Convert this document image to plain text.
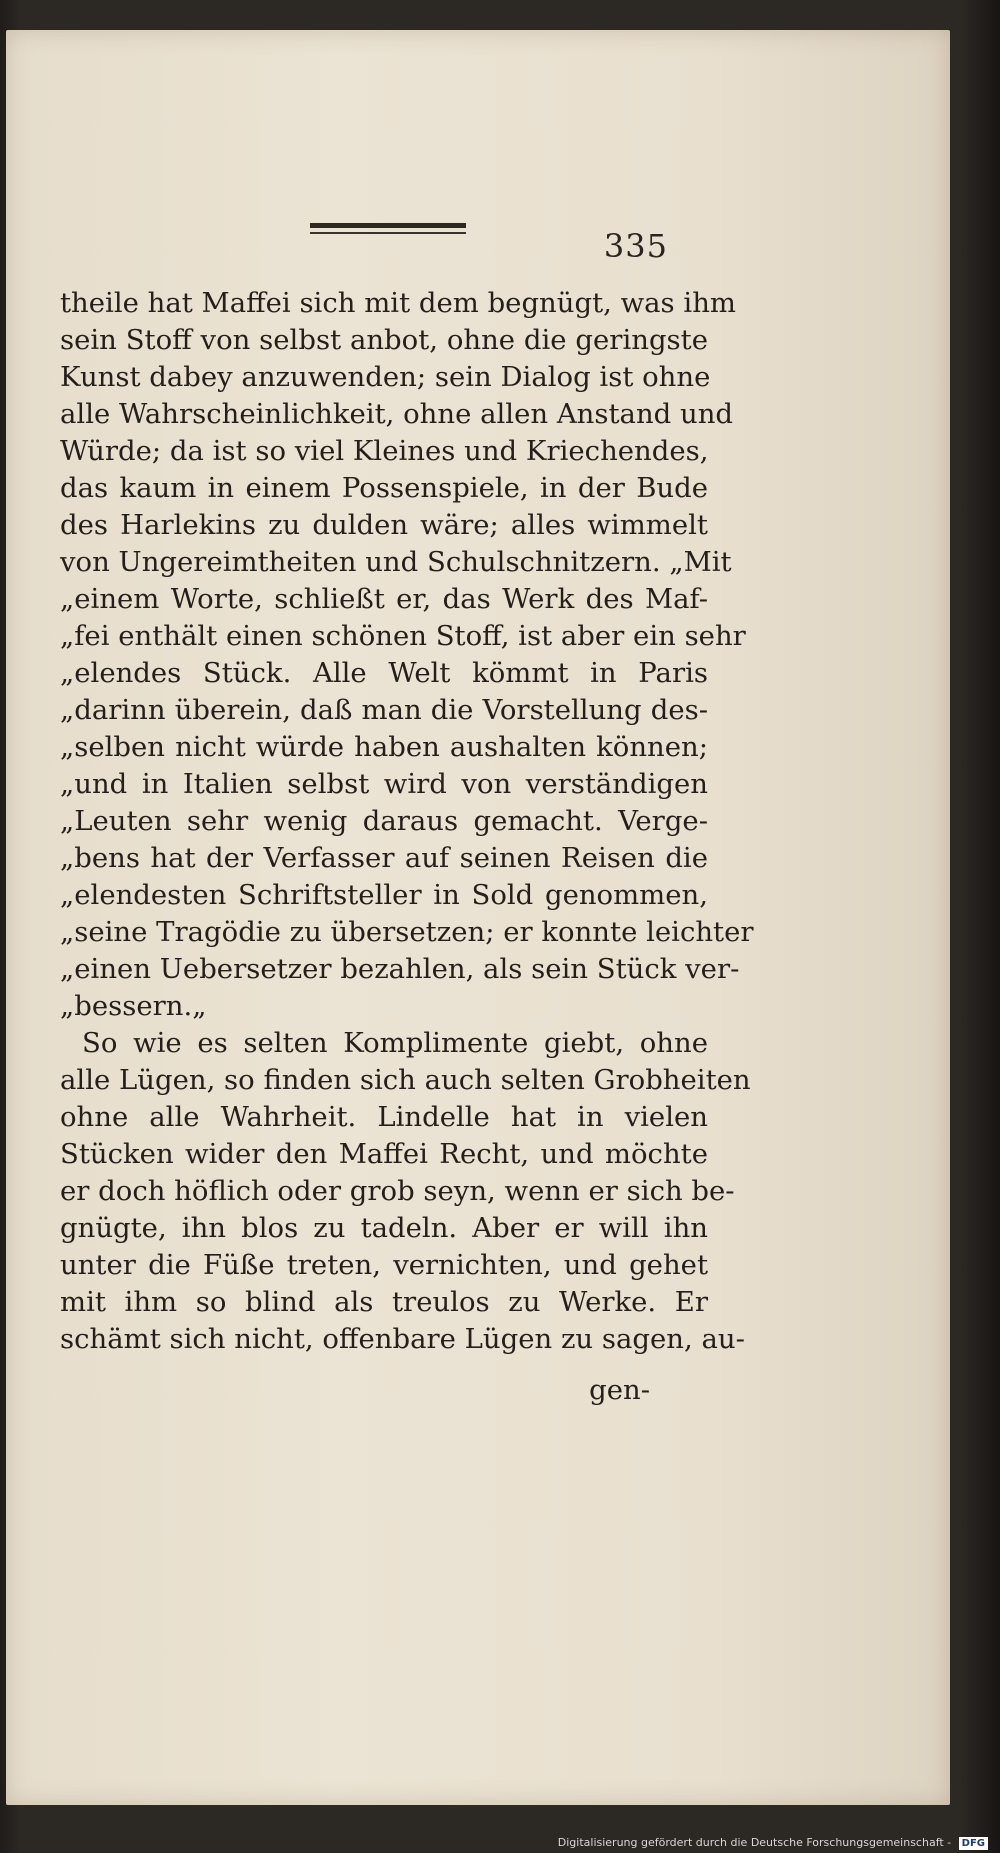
335
theile hat Maffei sich mit dem begnügt, was ihm
sein Stoff von selbst anbot, ohne die geringste
Kunst dabey anzuwenden; sein Dialog ist ohne
alle Wahrscheinlichkeit, ohne allen Anstand und
Würde; da ist so viel Kleines und Kriechendes,
das kaum in einem Possenspiele, in der Bude
des Harlekins zu dulden wäre; alles wimmelt
von Ungereimtheiten und Schulschnitzern. „Mit
„einem Worte, schließt er, das Werk des Maf-
„fei enthält einen schönen Stoff, ist aber ein sehr
„elendes Stück. Alle Welt kömmt in Paris
„darinn überein, daß man die Vorstellung des-
„selben nicht würde haben aushalten können;
„und in Italien selbst wird von verständigen
„Leuten sehr wenig daraus gemacht. Verge-
„bens hat der Verfasser auf seinen Reisen die
„elendesten Schriftsteller in Sold genommen,
„seine Tragödie zu übersetzen; er konnte leichter
„einen Uebersetzer bezahlen, als sein Stück ver-
„bessern.„
So wie es selten Komplimente giebt, ohne
alle Lügen, so finden sich auch selten Grobheiten
ohne alle Wahrheit. Lindelle hat in vielen
Stücken wider den Maffei Recht, und möchte
er doch höflich oder grob seyn, wenn er sich be-
gnügte, ihn blos zu tadeln. Aber er will ihn
unter die Füße treten, vernichten, und gehet
mit ihm so blind als treulos zu Werke. Er
schämt sich nicht, offenbare Lügen zu sagen, au-
gen-
Digitalisierung gefördert durch die Deutsche Forschungsgemeinschaft - DFG
